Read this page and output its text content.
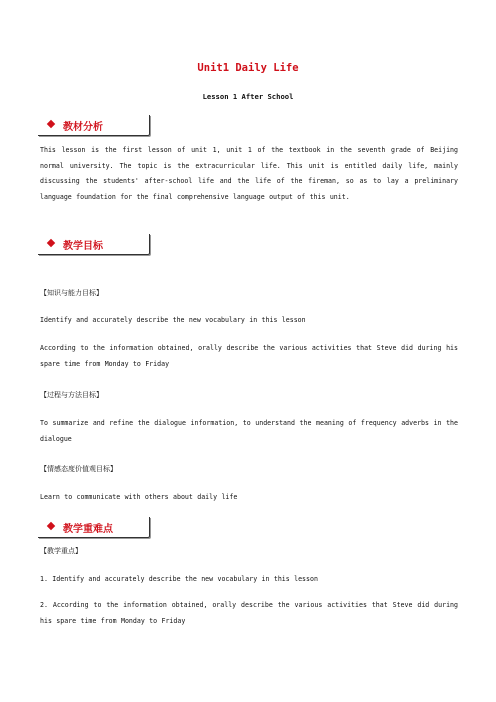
Unit1 Daily Life
Lesson 1 After School
教材分析
This lesson is the first lesson of unit 1, unit 1 of the textbook in the seventh grade of Beijing normal university. The topic is the extracurricular life. This unit is entitled daily life, mainly discussing the students' after-school life and the life of the fireman, so as to lay a preliminary language foundation for the final comprehensive language output of this unit.
教学目标
【知识与能力目标】
Identify and accurately describe the new vocabulary in this lesson
According to the information obtained, orally describe the various activities that Steve did during his spare time from Monday to Friday
【过程与方法目标】
To summarize and refine the dialogue information, to understand the meaning of frequency adverbs in the dialogue
【情感态度价值观目标】
Learn to communicate with others about daily life
教学重难点
【教学重点】
1. Identify and accurately describe the new vocabulary in this lesson
2. According to the information obtained, orally describe the various activities that Steve did during his spare time from Monday to Friday
